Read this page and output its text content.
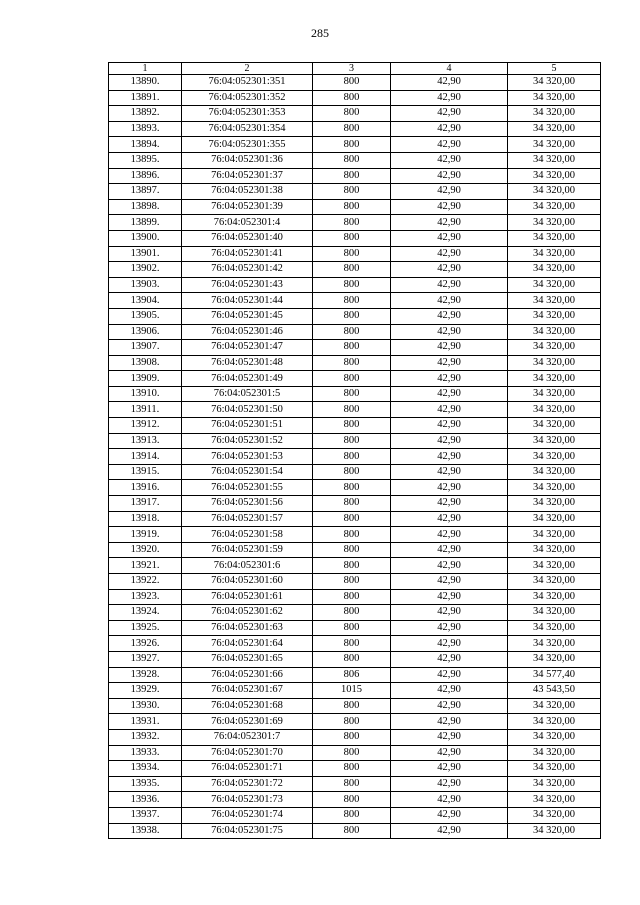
285
1	2	3	4	5
13890.	76:04:052301:351	800	42,90	34 320,00
13891.	76:04:052301:352	800	42,90	34 320,00
13892.	76:04:052301:353	800	42,90	34 320,00
13893.	76:04:052301:354	800	42,90	34 320,00
13894.	76:04:052301:355	800	42,90	34 320,00
13895.	76:04:052301:36	800	42,90	34 320,00
13896.	76:04:052301:37	800	42,90	34 320,00
13897.	76:04:052301:38	800	42,90	34 320,00
13898.	76:04:052301:39	800	42,90	34 320,00
13899.	76:04:052301:4	800	42,90	34 320,00
13900.	76:04:052301:40	800	42,90	34 320,00
13901.	76:04:052301:41	800	42,90	34 320,00
13902.	76:04:052301:42	800	42,90	34 320,00
13903.	76:04:052301:43	800	42,90	34 320,00
13904.	76:04:052301:44	800	42,90	34 320,00
13905.	76:04:052301:45	800	42,90	34 320,00
13906.	76:04:052301:46	800	42,90	34 320,00
13907.	76:04:052301:47	800	42,90	34 320,00
13908.	76:04:052301:48	800	42,90	34 320,00
13909.	76:04:052301:49	800	42,90	34 320,00
13910.	76:04:052301:5	800	42,90	34 320,00
13911.	76:04:052301:50	800	42,90	34 320,00
13912.	76:04:052301:51	800	42,90	34 320,00
13913.	76:04:052301:52	800	42,90	34 320,00
13914.	76:04:052301:53	800	42,90	34 320,00
13915.	76:04:052301:54	800	42,90	34 320,00
13916.	76:04:052301:55	800	42,90	34 320,00
13917.	76:04:052301:56	800	42,90	34 320,00
13918.	76:04:052301:57	800	42,90	34 320,00
13919.	76:04:052301:58	800	42,90	34 320,00
13920.	76:04:052301:59	800	42,90	34 320,00
13921.	76:04:052301:6	800	42,90	34 320,00
13922.	76:04:052301:60	800	42,90	34 320,00
13923.	76:04:052301:61	800	42,90	34 320,00
13924.	76:04:052301:62	800	42,90	34 320,00
13925.	76:04:052301:63	800	42,90	34 320,00
13926.	76:04:052301:64	800	42,90	34 320,00
13927.	76:04:052301:65	800	42,90	34 320,00
13928.	76:04:052301:66	806	42,90	34 577,40
13929.	76:04:052301:67	1015	42,90	43 543,50
13930.	76:04:052301:68	800	42,90	34 320,00
13931.	76:04:052301:69	800	42,90	34 320,00
13932.	76:04:052301:7	800	42,90	34 320,00
13933.	76:04:052301:70	800	42,90	34 320,00
13934.	76:04:052301:71	800	42,90	34 320,00
13935.	76:04:052301:72	800	42,90	34 320,00
13936.	76:04:052301:73	800	42,90	34 320,00
13937.	76:04:052301:74	800	42,90	34 320,00
13938.	76:04:052301:75	800	42,90	34 320,00
